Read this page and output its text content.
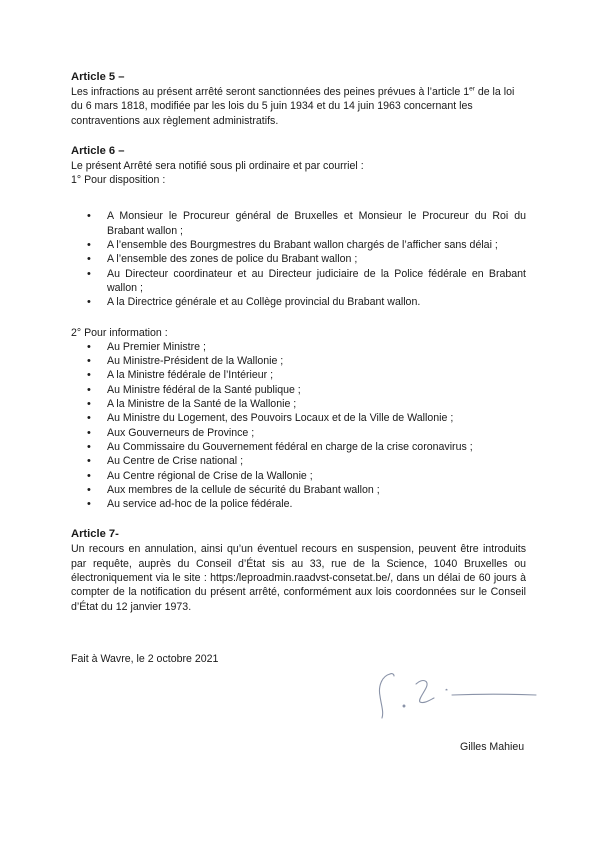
Article 5 –

Les infractions au présent arrêté seront sanctionnées des peines prévues à l’article 1er de la loi du 6 mars 1818, modifiée par les lois du 5 juin 1934 et du 14 juin 1963 concernant les contraventions aux règlement administratifs.

Article 6 –

Le présent Arrêté sera notifié sous pli ordinaire et par courriel :

1° Pour disposition :

• A Monsieur le Procureur général de Bruxelles et Monsieur le Procureur du Roi du Brabant wallon ;
• A l’ensemble des Bourgmestres du Brabant wallon chargés de l’afficher sans délai ;
• A l’ensemble des zones de police du Brabant wallon ;
• Au Directeur coordinateur et au Directeur judiciaire de la Police fédérale en Brabant wallon ;
• A la Directrice générale et au Collège provincial du Brabant wallon.

2° Pour information :

• Au Premier Ministre ;
• Au Ministre-Président de la Wallonie ;
• A la Ministre fédérale de l’Intérieur ;
• Au Ministre fédéral de la Santé publique ;
• A la Ministre de la Santé de la Wallonie ;
• Au Ministre du Logement, des Pouvoirs Locaux et de la Ville de Wallonie ;
• Aux Gouverneurs de Province ;
• Au Commissaire du Gouvernement fédéral en charge de la crise coronavirus ;
• Au Centre de Crise national ;
• Au Centre régional de Crise de la Wallonie ;
• Aux membres de la cellule de sécurité du Brabant wallon ;
• Au service ad-hoc de la police fédérale.
Article 7-

Un recours en annulation, ainsi qu’un éventuel recours en suspension, peuvent être introduits par requête, auprès du Conseil d’État sis au 33, rue de la Science, 1040 Bruxelles ou électroniquement via le site : https:/leproadmin.raadvst-consetat.be/, dans un délai de 60 jours à compter de la notification du présent arrêté, conformément aux lois coordonnées sur le Conseil d’État du 12 janvier 1973.

Fait à Wavre, le 2 octobre 2021
Gilles Mahieu
